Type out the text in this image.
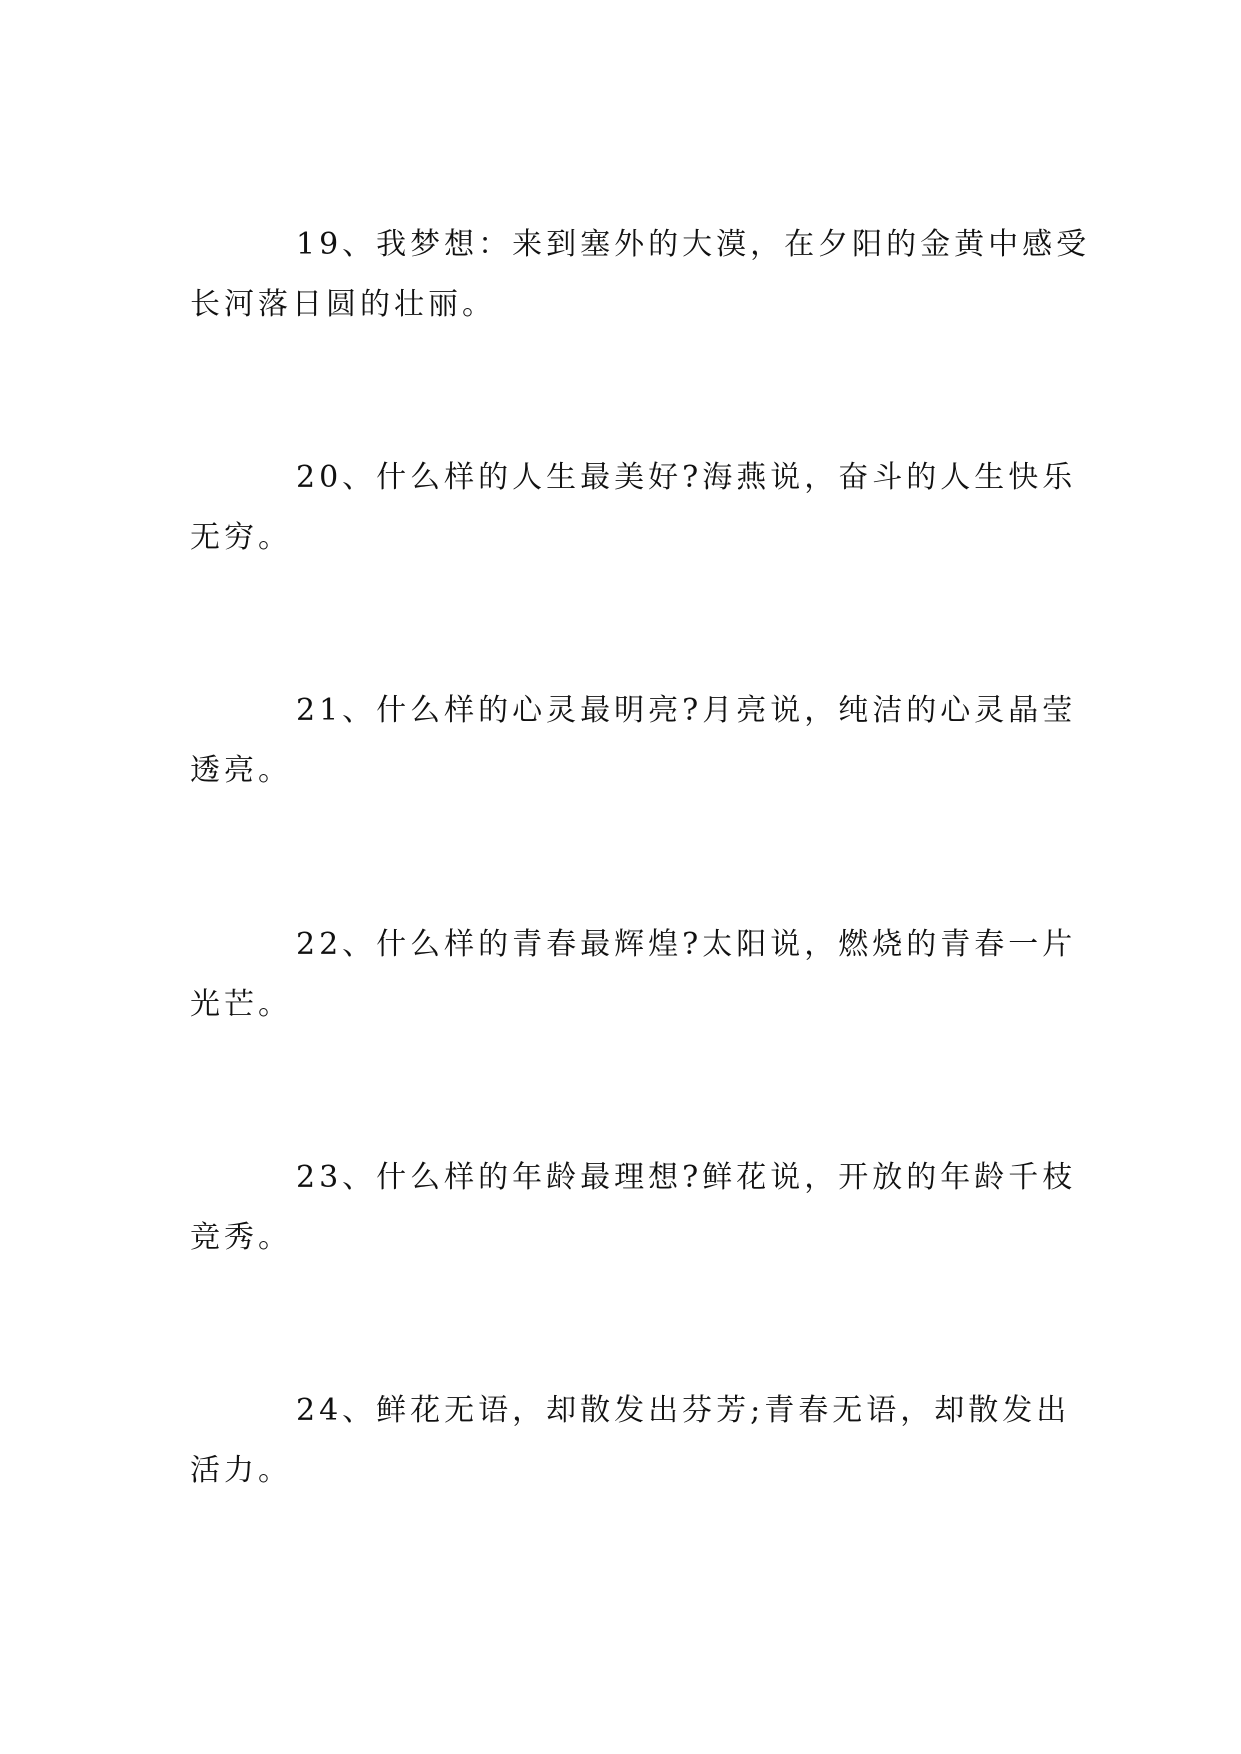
19、我梦想：来到塞外的大漠，在夕阳的金黄中感受
长河落日圆的壮丽。

20、什么样的人生最美好?海燕说，奋斗的人生快乐
无穷。

21、什么样的心灵最明亮?月亮说，纯洁的心灵晶莹
透亮。

22、什么样的青春最辉煌?太阳说，燃烧的青春一片
光芒。

23、什么样的年龄最理想?鲜花说，开放的年龄千枝
竞秀。

24、鲜花无语，却散发出芬芳;青春无语，却散发出
活力。
